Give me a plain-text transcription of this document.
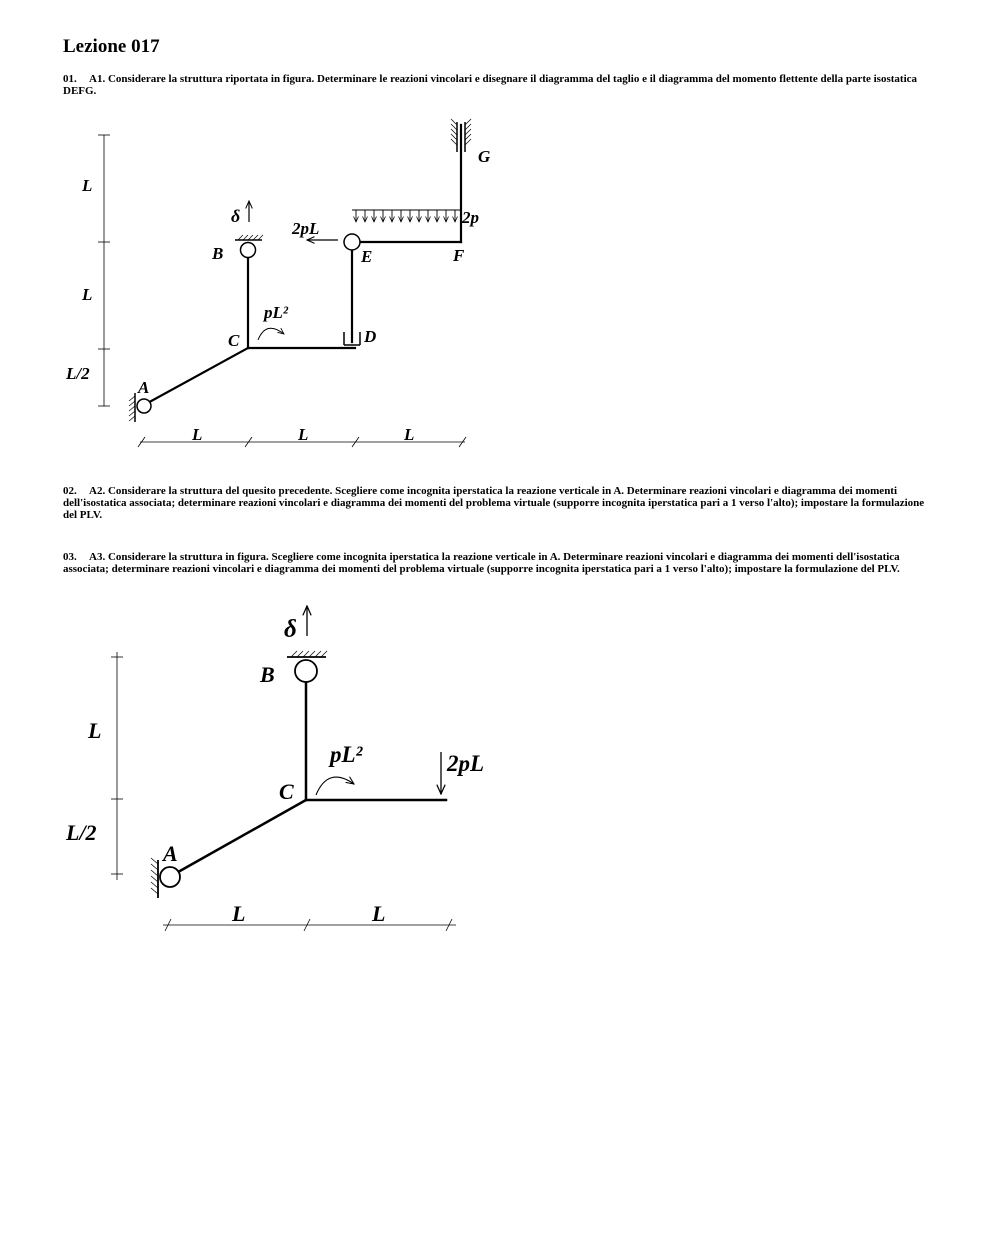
Lezione 017

01. A1. Considerare la struttura riportata in figura. Determinare le reazioni vincolari e disegnare il diagramma del taglio e il diagramma del momento flettente della parte isostatica DEFG.

L
L
L/2
L	L	L
δ	2p
2pL
pL²
A
B
C	D
E	F
G

02. A2. Considerare la struttura del quesito precedente. Scegliere come incognita iperstatica la reazione verticale in A. Determinare reazioni vincolari e diagramma dei momenti dell'isostatica associata; determinare reazioni vincolari e diagramma dei momenti del problema virtuale (supporre incognita iperstatica pari a 1 verso l'alto); impostare la formulazione del PLV.

03. A3. Considerare la struttura in figura. Scegliere come incognita iperstatica la reazione verticale in A. Determinare reazioni vincolari e diagramma dei momenti dell'isostatica associata; determinare reazioni vincolari e diagramma dei momenti del problema virtuale (supporre incognita iperstatica pari a 1 verso l'alto); impostare la formulazione del PLV.

L
L/2
L	L
δ
pL²	2pL
A
B
C
